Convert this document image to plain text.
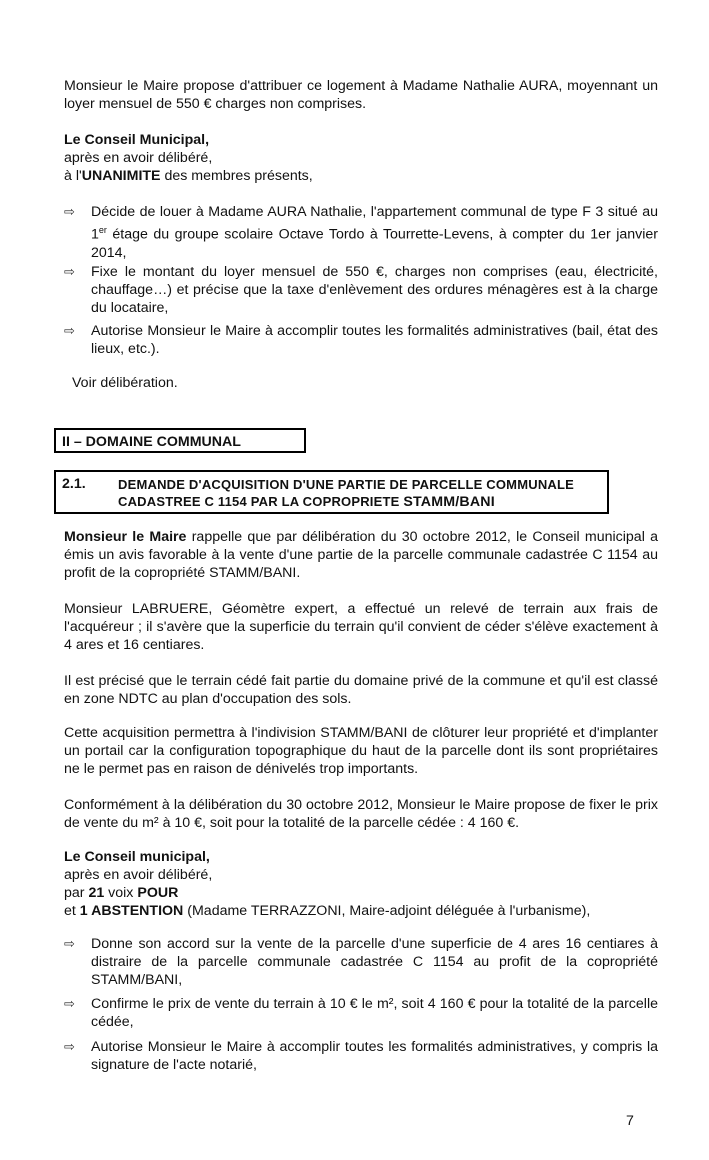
Monsieur le Maire propose d'attribuer ce logement à Madame Nathalie AURA, moyennant un loyer mensuel de 550 € charges non comprises.

Le Conseil Municipal,

après en avoir délibéré,

à l'UNANIMITE des membres présents,

⇨ Décide de louer à Madame AURA Nathalie, l'appartement communal de type F 3 situé au 1er étage du groupe scolaire Octave Tordo à Tourrette-Levens, à compter du 1er janvier 2014,

⇨ Fixe le montant du loyer mensuel de 550 €, charges non comprises (eau, électricité, chauffage…) et précise que la taxe d'enlèvement des ordures ménagères est à la charge du locataire,

⇨ Autorise Monsieur le Maire à accomplir toutes les formalités administratives (bail, état des lieux, etc.).

Voir délibération.

II – DOMAINE COMMUNAL
2.1. DEMANDE D'ACQUISITION D'UNE PARTIE DE PARCELLE COMMUNALE
CADASTREE C 1154 PAR LA COPROPRIETE STAMM/BANI

Monsieur le Maire rappelle que par délibération du 30 octobre 2012, le Conseil municipal a émis un avis favorable à la vente d'une partie de la parcelle communale cadastrée C 1154 au profit de la copropriété STAMM/BANI.

Monsieur LABRUERE, Géomètre expert, a effectué un relevé de terrain aux frais de l'acquéreur ; il s'avère que la superficie du terrain qu'il convient de céder s'élève exactement à 4 ares et 16 centiares.

Il est précisé que le terrain cédé fait partie du domaine privé de la commune et qu'il est classé en zone NDTC au plan d'occupation des sols.

Cette acquisition permettra à l'indivision STAMM/BANI de clôturer leur propriété et d'implanter un portail car la configuration topographique du haut de la parcelle dont ils sont propriétaires ne le permet pas en raison de dénivelés trop importants.

Conformément à la délibération du 30 octobre 2012, Monsieur le Maire propose de fixer le prix de vente du m² à 10 €, soit pour la totalité de la parcelle cédée : 4 160 €.

Le Conseil municipal,

après en avoir délibéré,

par 21 voix POUR

et 1 ABSTENTION (Madame TERRAZZONI, Maire-adjoint déléguée à l'urbanisme),

⇨ Donne son accord sur la vente de la parcelle d'une superficie de 4 ares 16 centiares à distraire de la parcelle communale cadastrée C 1154 au profit de la copropriété STAMM/BANI,

⇨ Confirme le prix de vente du terrain à 10 € le m², soit 4 160 € pour la totalité de la parcelle cédée,

⇨ Autorise Monsieur le Maire à accomplir toutes les formalités administratives, y compris la signature de l'acte notarié,

7
